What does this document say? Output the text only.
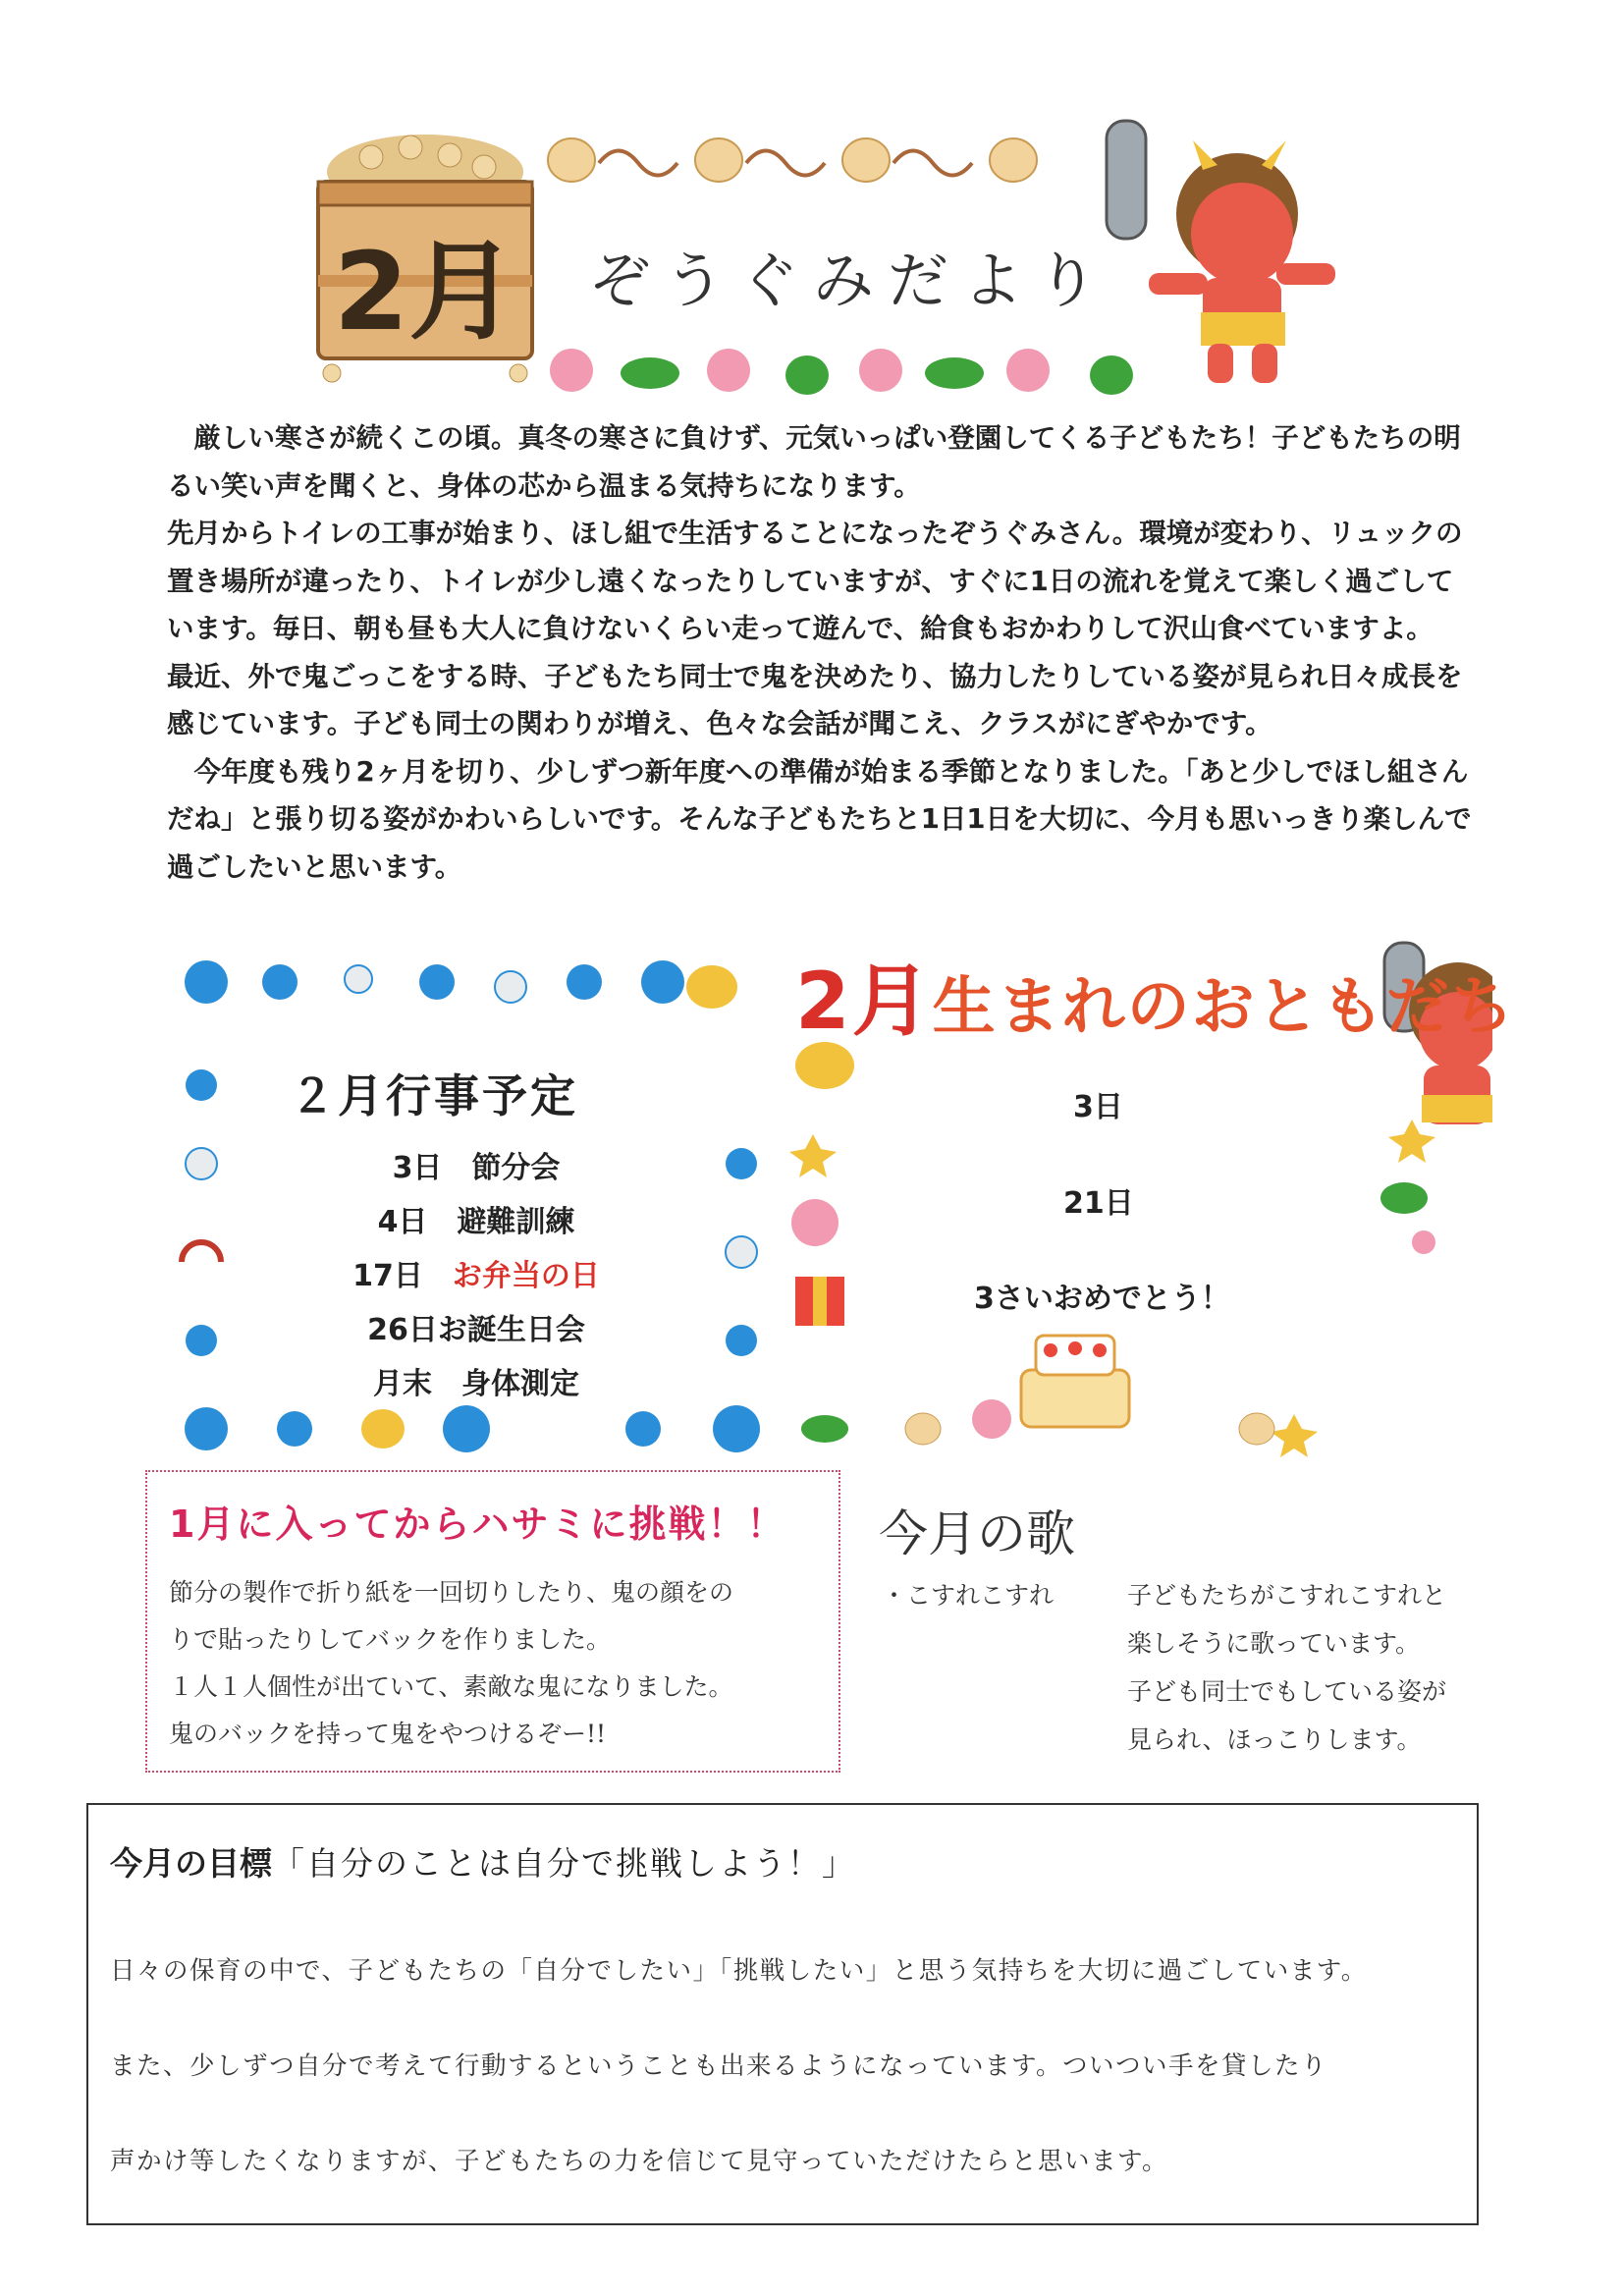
2月 ぞうぐみだより

　厳しい寒さが続くこの頃。真冬の寒さに負けず、元気いっぱい登園してくる子どもたち！子どもたちの明るい笑い声を聞くと、身体の芯から温まる気持ちになります。

先月からトイレの工事が始まり、ほし組で生活することになったぞうぐみさん。環境が変わり、リュックの置き場所が違ったり、トイレが少し遠くなったりしていますが、すぐに1日の流れを覚えて楽しく過ごしています。毎日、朝も昼も大人に負けないくらい走って遊んで、給食もおかわりして沢山食べていますよ。

最近、外で鬼ごっこをする時、子どもたち同士で鬼を決めたり、協力したりしている姿が見られ日々成長を感じています。子ども同士の関わりが増え、色々な会話が聞こえ、クラスがにぎやかです。

　今年度も残り2ヶ月を切り、少しずつ新年度への準備が始まる季節となりました。「あと少しでほし組さんだね」と張り切る姿がかわいらしいです。そんな子どもたちと1日1日を大切に、今月も思いっきり楽しんで過ごしたいと思います。

２月行事予定
3日　 節分会
4日　 避難訓練
17日　 お弁当の日
26日お誕生日会
月末　 身体測定
2月生まれのおともだち
3日
21日
3さいおめでとう！
1月に入ってからハサミに挑戦！！
節分の製作で折り紙を一回切りしたり、鬼の顔をの
りで貼ったりしてバックを作りました。
１人１人個性が出ていて、素敵な鬼になりました。
鬼のバックを持って鬼をやつけるぞー!!
今月の歌
・こすれこすれ	子どもたちがこすれこすれと
楽しそうに歌っています。
子ども同士でもしている姿が
見られ、ほっこりします。
今月の目標「自分のことは自分で挑戦しよう！」

日々の保育の中で、子どもたちの「自分でしたい」「挑戦したい」と思う気持ちを大切に過ごしています。

また、少しずつ自分で考えて行動するということも出来るようになっています。ついつい手を貸したり

声かけ等したくなりますが、子どもたちの力を信じて見守っていただけたらと思います。
